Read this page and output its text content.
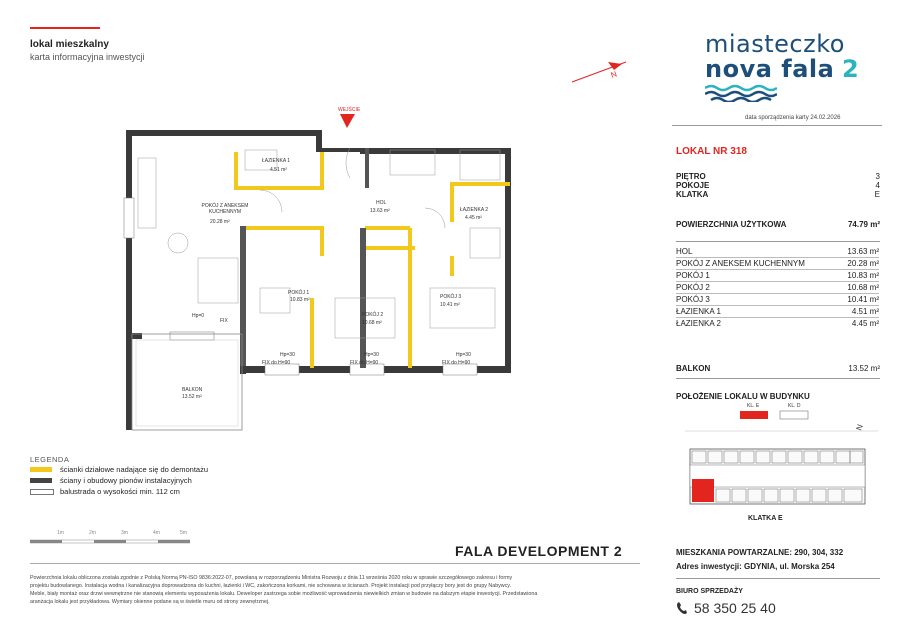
lokal mieszkalny
karta informacyjna inwestycji	miasteczko
nova fala 2
N
data sporządzenia karty 24.02.2026
LOKAL NR 318
PIĘTRO	3
POKOJE	4
KLATKA	E
POWIERZCHNIA UŻYTKOWA	74.79 m²
HOL	13.63 m²
POKÓJ Z ANEKSEM KUCHENNYM	20.28 m²
POKÓJ 1	10.83 m²
POKÓJ 2	10.68 m²
POKÓJ 3	10.41 m²
ŁAZIENKA 1	4.51 m²
ŁAZIENKA 2	4.45 m²
BALKON	13.52 m²
POŁOŻENIE LOKALU W BUDYNKU
N
KL. E	KL. D
KLATKA E
MIESZKANIA POWTARZALNE: 290, 304, 332
Adres inwestycji: GDYNIA, ul. Morska 254
BIURO SPRZEDAŻY
58 350 25 40
WEJŚCIE
ŁAZIENKA 1
4.51 m²
POKÓJ Z ANEKSEM KUCHENNYM
20.28 m²
HOL
13.63 m²	ŁAZIENKA 2
4.45 m²
POKÓJ 1
10.83 m²
POKÓJ 2
10.68 m²
POKÓJ 3
10.41 m²
BALKON
13.52 m²
Hp=0
FIX
Hp=30
FIX do H=90
Hp=30
FIX do H=90
Hp=30
FIX do H=90
LEGENDA
ścianki działowe nadające się do demontażu
ściany i obudowy pionów instalacyjnych
balustrada o wysokości min. 112 cm
1m	2m	3m	4m	5m
FALA DEVELOPMENT 2
Powierzchnia lokalu obliczona została zgodnie z Polską Normą PN-ISO 9836:2022-07, powołaną w rozporządzeniu Ministra Rozwoju z dnia 11 września 2020 roku w sprawie szczegółowego zakresu i formy
projektu budowlanego. Instalacja wodna i kanalizacyjna doprowadzona do kuchni, łazienki i WC, zakończona korkami, nie schowana w ścianach. Projekt instalacji pod przyłączy bory jest do grupy Nabywcy.
Meble, biały montaż oraz drzwi wewnętrzne nie stanowią elementu wyposażenia lokalu. Deweloper zastrzega sobie możliwość wprowadzenia niewielkich zmian w budowie na dalszym etapie inwestycji. Przedstawiona
aranżacja lokalu jest przykładowa. Wymiary okienne podane są w świetle muru od strony zewnętrznej.
